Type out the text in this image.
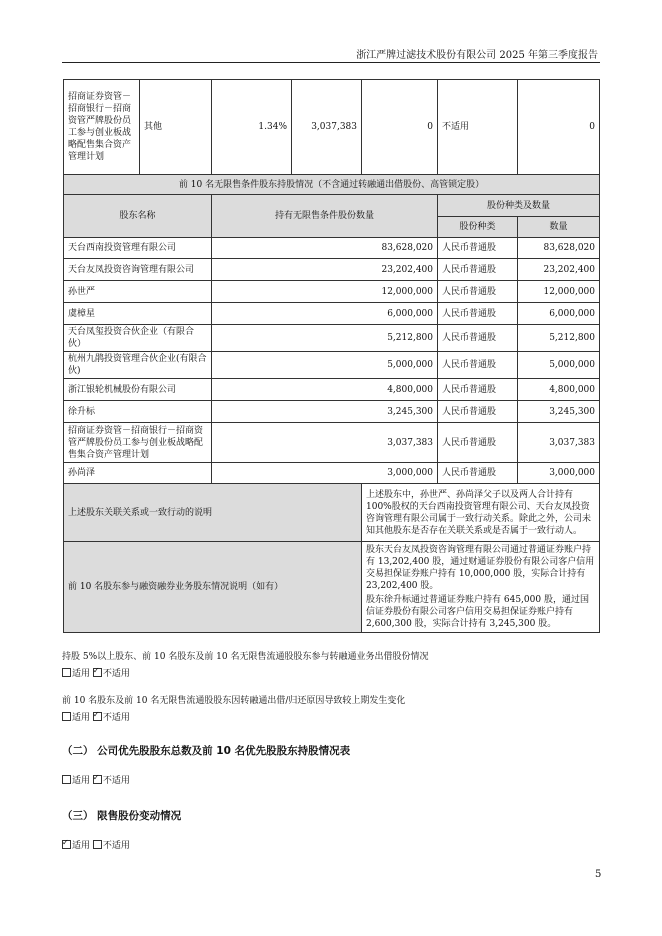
浙江严牌过滤技术股份有限公司 2025 年第三季度报告
招商证券资管－招商银行－招商资管严牌股份员工参与创业板战略配售集合资产管理计划	其他	1.34%	3,037,383	0	不适用	0
前 10 名无限售条件股东持股情况（不含通过转融通出借股份、高管锁定股）						
股东名称		持有无限售条件股份数量			股份种类及数量	
					股份种类	数量
天台西南投资管理有限公司		83,628,020			人民币普通股	83,628,020
天台友凤投资咨询管理有限公司		23,202,400			人民币普通股	23,202,400
孙世严		12,000,000			人民币普通股	12,000,000
虞樟星		6,000,000			人民币普通股	6,000,000
天台凤玺投资合伙企业（有限合伙）		5,212,800			人民币普通股	5,212,800
杭州九鹃投资管理合伙企业(有限合伙)		5,000,000			人民币普通股	5,000,000
浙江银轮机械股份有限公司		4,800,000			人民币普通股	4,800,000
徐升标		3,245,300			人民币普通股	3,245,300
招商证券资管－招商银行－招商资管严牌股份员工参与创业板战略配售集合资产管理计划		3,037,383			人民币普通股	3,037,383
孙尚泽		3,000,000			人民币普通股	3,000,000
上述股东关联关系或一致行动的说明				上述股东中，孙世严、孙尚泽父子以及两人合计持有 100%股权的天台西南投资管理有限公司、天台友凤投资咨询管理有限公司属于一致行动关系。除此之外，公司未知其他股东是否存在关联关系或是否属于一致行动人。		
前 10 名股东参与融资融券业务股东情况说明（如有）				股东天台友凤投资咨询管理有限公司通过普通证券账户持有 13,202,400 股，通过财通证券股份有限公司客户信用交易担保证券账户持有 10,000,000 股，实际合计持有 23,202,400 股。
股东徐升标通过普通证券账户持有 645,000 股，通过国信证券股份有限公司客户信用交易担保证券账户持有 2,600,300 股，实际合计持有 3,245,300 股。		
持股 5%以上股东、前 10 名股东及前 10 名无限售流通股股东参与转融通业务出借股份情况
适用 ✓ 不适用
前 10 名股东及前 10 名无限售流通股股东因转融通出借/归还原因导致较上期发生变化
适用 ✓ 不适用
（二） 公司优先股股东总数及前 10 名优先股股东持股情况表
适用 ✓ 不适用
（三） 限售股份变动情况
✓适用 不适用
5
